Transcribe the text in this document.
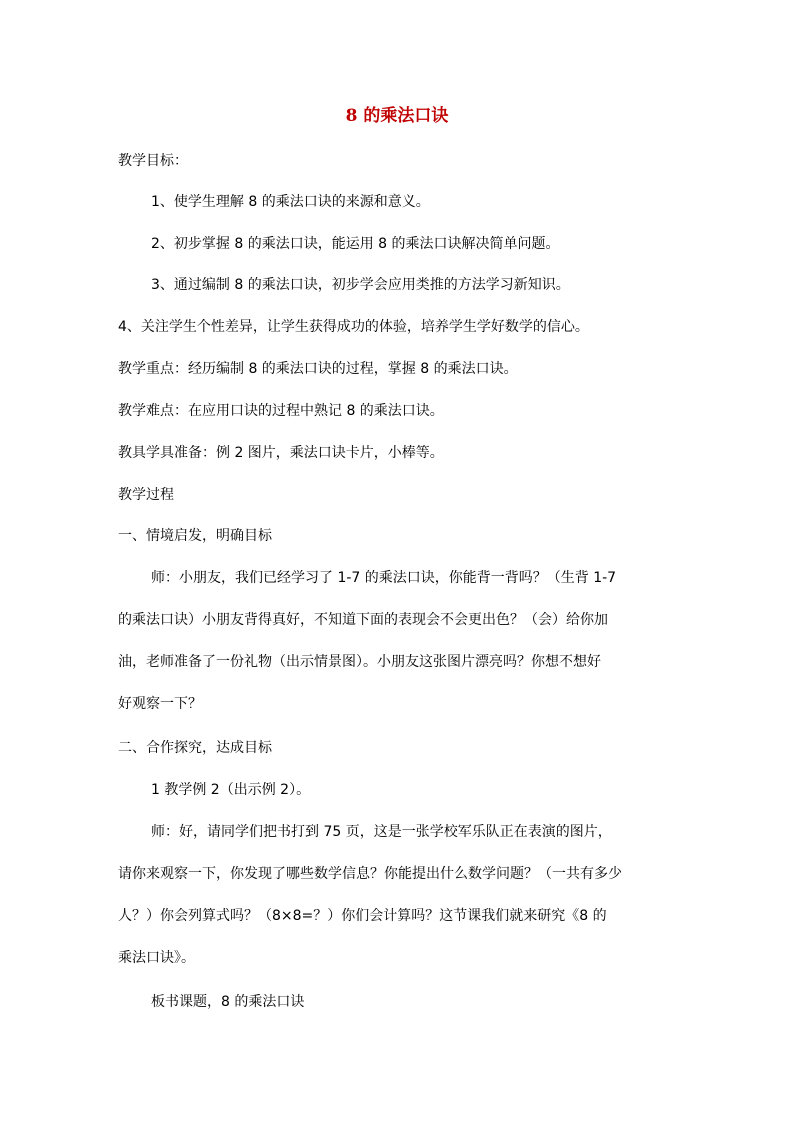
8 的乘法口诀
教学目标：
1、使学生理解 8 的乘法口诀的来源和意义。
2、初步掌握 8 的乘法口诀，能运用 8 的乘法口诀解决简单问题。
3、通过编制 8 的乘法口诀，初步学会应用类推的方法学习新知识。
4、关注学生个性差异，让学生获得成功的体验，培养学生学好数学的信心。
教学重点：经历编制 8 的乘法口诀的过程，掌握 8 的乘法口诀。
教学难点：在应用口诀的过程中熟记 8 的乘法口诀。
教具学具准备：例 2 图片，乘法口诀卡片，小棒等。
教学过程
一、情境启发，明确目标
师：小朋友，我们已经学习了 1-7 的乘法口诀，你能背一背吗？（生背 1-7
的乘法口诀）小朋友背得真好，不知道下面的表现会不会更出色？（会）给你加
油，老师准备了一份礼物（出示情景图）。小朋友这张图片漂亮吗？你想不想好
好观察一下？
二、合作探究，达成目标
1 教学例 2（出示例 2）。
师：好，请同学们把书打到 75 页，这是一张学校军乐队正在表演的图片，
请你来观察一下，你发现了哪些数学信息？你能提出什么数学问题？（一共有多少
人？）你会列算式吗？（8×8=？）你们会计算吗？这节课我们就来研究《8 的
乘法口诀》。
板书课题，8 的乘法口诀
